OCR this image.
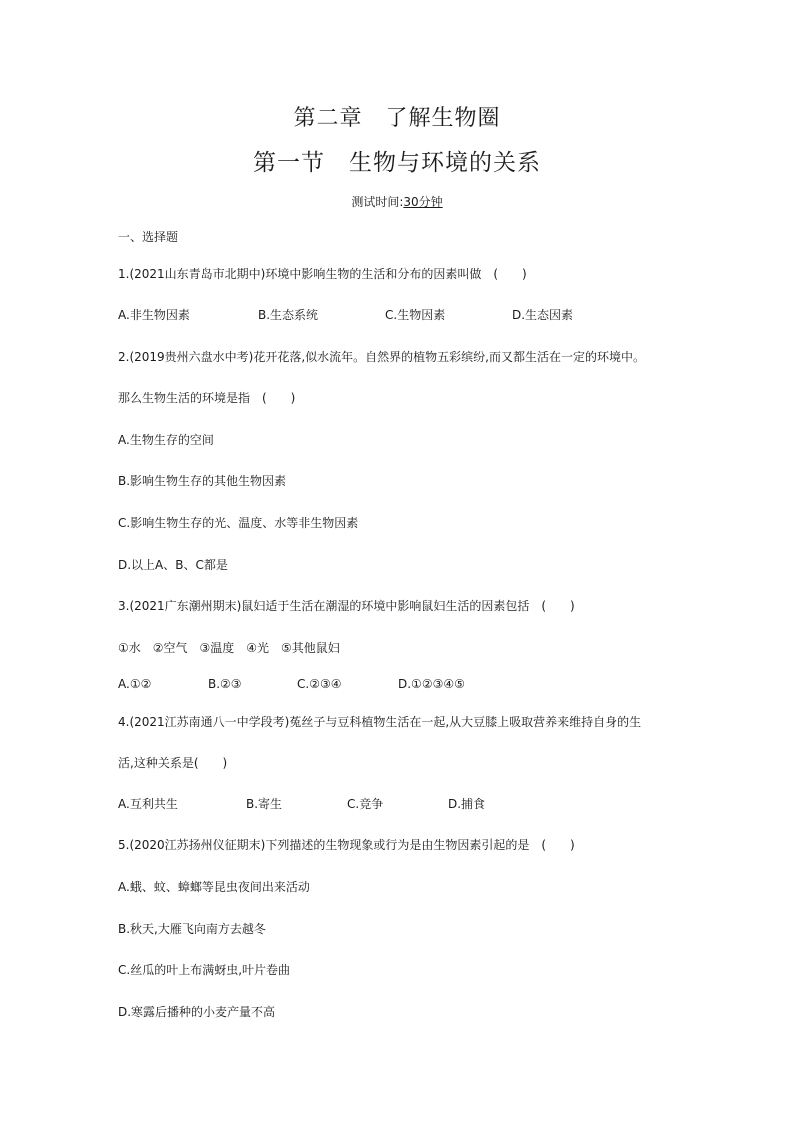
第二章　了解生物圈
第一节　生物与环境的关系
测试时间:30分钟
一、选择题
1.(2021山东青岛市北期中)环境中影响生物的生活和分布的因素叫做　(　　)
A.非生物因素	B.生态系统	C.生物因素	D.生态因素
2.(2019贵州六盘水中考)花开花落,似水流年。自然界的植物五彩缤纷,而又都生活在一定的环境中。
那么生物生活的环境是指　(　　)
A.生物生存的空间
B.影响生物生存的其他生物因素
C.影响生物生存的光、温度、水等非生物因素
D.以上A、B、C都是
3.(2021广东潮州期末)鼠妇适于生活在潮湿的环境中影响鼠妇生活的因素包括　(　　)
①水　②空气　③温度　④光　⑤其他鼠妇
A.①②	B.②③	C.②③④	D.①②③④⑤
4.(2021江苏南通八一中学段考)菟丝子与豆科植物生活在一起,从大豆膝上吸取营养来维持自身的生
活,这种关系是(　　)
A.互利共生	B.寄生	C.竞争	D.捕食
5.(2020江苏扬州仪征期末)下列描述的生物现象或行为是由生物因素引起的是　(　　)
A.蛾、蚊、蟑螂等昆虫夜间出来活动
B.秋天,大雁飞向南方去越冬
C.丝瓜的叶上布满蚜虫,叶片卷曲
D.寒露后播种的小麦产量不高
